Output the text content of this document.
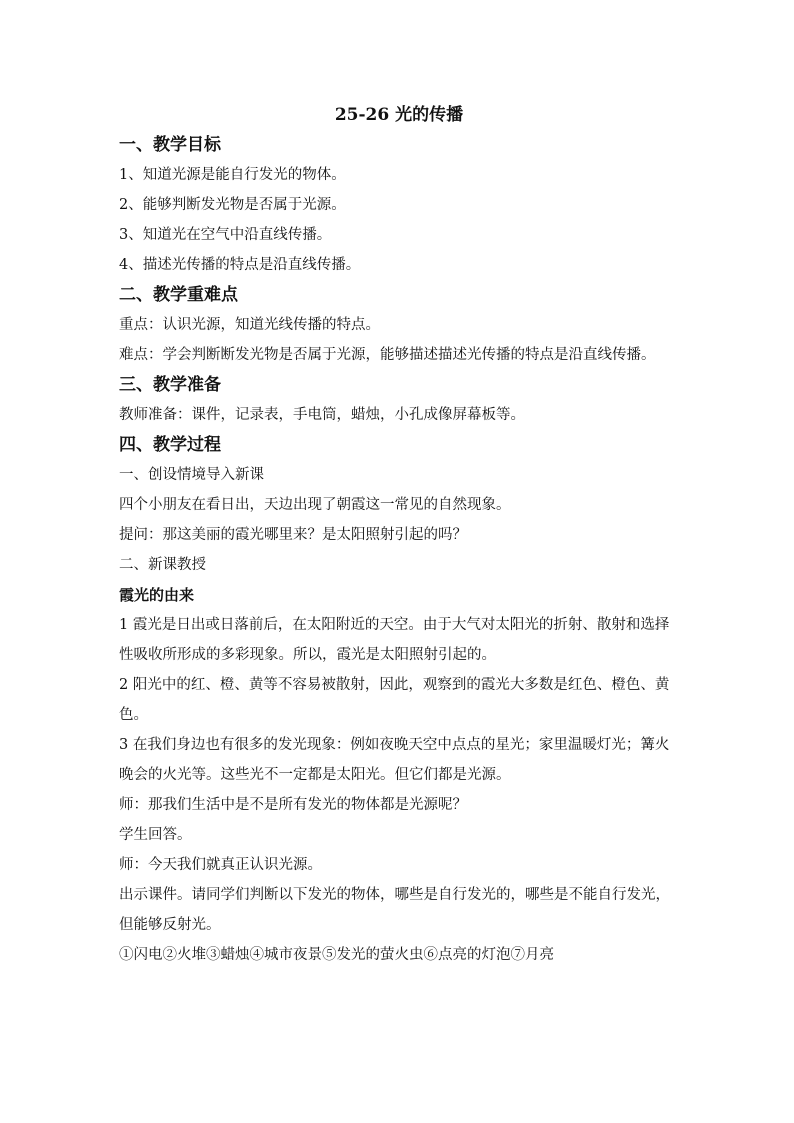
25-26 光的传播
一、教学目标
1、知道光源是能自行发光的物体。
2、能够判断发光物是否属于光源。
3、知道光在空气中沿直线传播。
4、描述光传播的特点是沿直线传播。
二、教学重难点
重点：认识光源，知道光线传播的特点。
难点：学会判断断发光物是否属于光源，能够描述描述光传播的特点是沿直线传播。
三、教学准备
教师准备：课件，记录表，手电筒，蜡烛，小孔成像屏幕板等。
四、教学过程
一、创设情境导入新课
四个小朋友在看日出，天边出现了朝霞这一常见的自然现象。
提问：那这美丽的霞光哪里来？是太阳照射引起的吗？
二、新课教授
霞光的由来
1 霞光是日出或日落前后，在太阳附近的天空。由于大气对太阳光的折射、散射和选择性吸收所形成的多彩现象。所以，霞光是太阳照射引起的。
2 阳光中的红、橙、黄等不容易被散射，因此，观察到的霞光大多数是红色、橙色、黄色。
3 在我们身边也有很多的发光现象：例如夜晚天空中点点的星光；家里温暖灯光；篝火晚会的火光等。这些光不一定都是太阳光。但它们都是光源。
师：那我们生活中是不是所有发光的物体都是光源呢？
学生回答。
师：今天我们就真正认识光源。
出示课件。请同学们判断以下发光的物体，哪些是自行发光的，哪些是不能自行发光，但能够反射光。
①闪电②火堆③蜡烛④城市夜景⑤发光的萤火虫⑥点亮的灯泡⑦月亮
